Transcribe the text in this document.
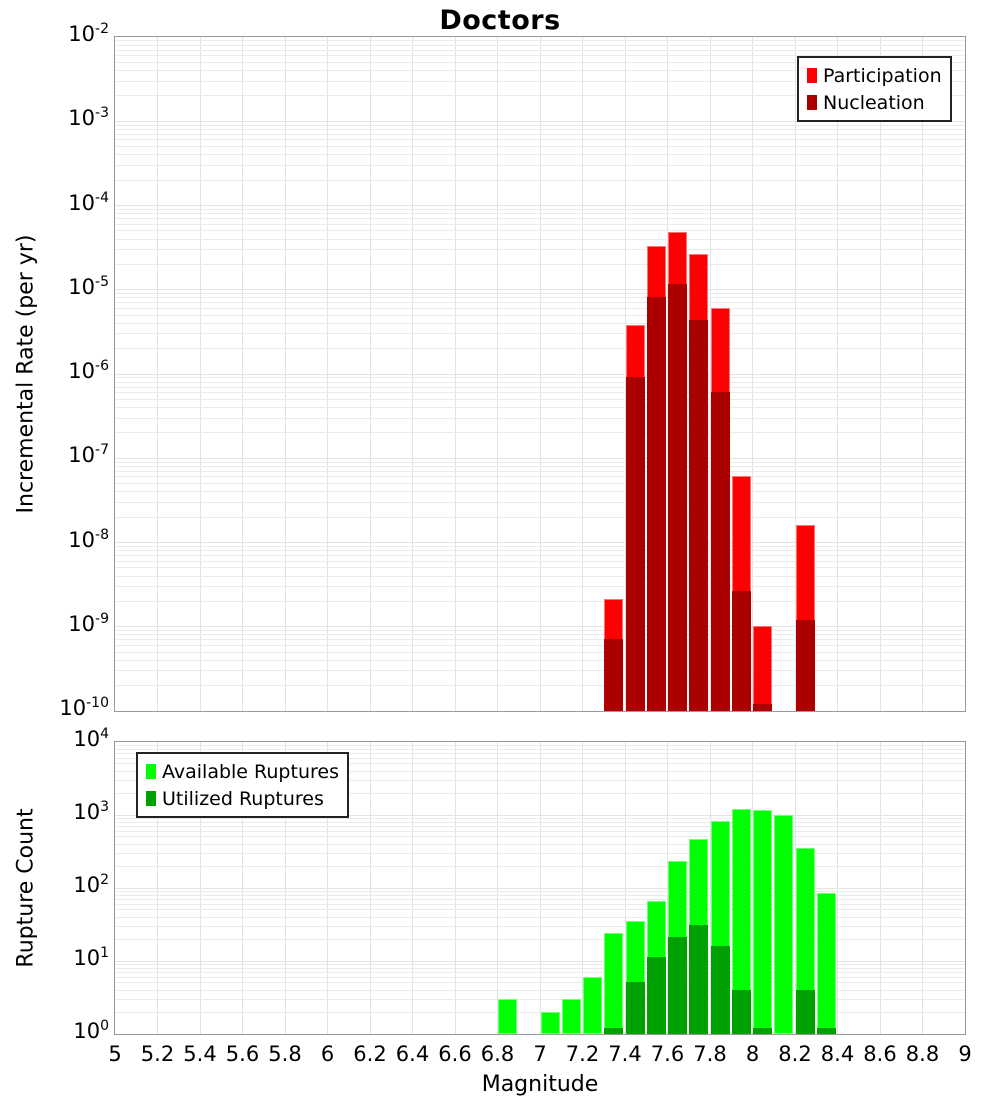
Doctors
Incremental Rate (per yr)
Rupture Count
Magnitude
Participation
Nucleation
Available Ruptures
Utilized Ruptures
$10^{-2}$
$10^{-3}$
$10^{-4}$
$10^{-5}$
$10^{-6}$
$10^{-7}$
$10^{-8}$
$10^{-9}$
$10^{-10}$
$10^4$
$10^3$
$10^2$
$10^1$
$10^0$
5 5.2 5.4 5.6 5.8 6 6.2 6.4 6.6 6.8 7 7.2 7.4 7.6 7.8 8 8.2 8.4 8.6 8.8 9
